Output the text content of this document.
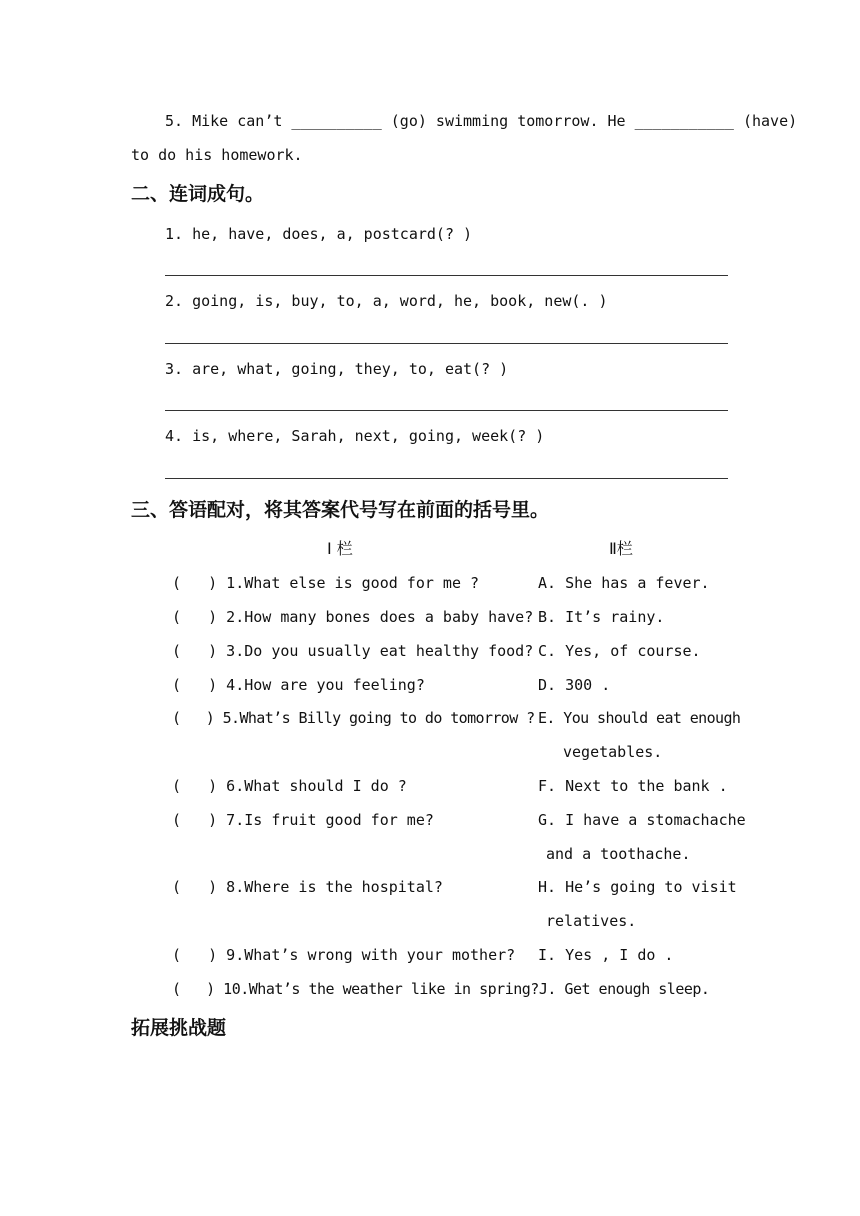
5. Mike can’t __________ (go) swimming tomorrow. He ___________ (have)
to do his homework.
二、连词成句。
1. he, have, does, a, postcard(? )
2. going, is, buy, to, a, word, he, book, new(. )
3. are, what, going, they, to, eat(? )
4. is, where, Sarah, next, going, week(? )
三、答语配对，将其答案代号写在前面的括号里。
Ⅰ 栏	Ⅱ栏
(   ) 1.What else is good for me ?
(   ) 2.How many bones does a baby have?
(   ) 3.Do you usually eat healthy food?
(   ) 4.How are you feeling?
(   ) 5.What’s Billy going to do tomorrow ?
(   ) 6.What should I do ?
(   ) 7.Is fruit good for me?
(   ) 8.Where is the hospital?
(   ) 9.What’s wrong with your mother?
(   ) 10.What’s the weather like in spring?J. Get enough sleep.
A. She has a fever.
B. It’s rainy.
C. Yes, of course.
D. 300 .
E. You should eat enough
vegetables.
F. Next to the bank .
G. I have a stomachache
and a toothache.
H. He’s going to visit
relatives.
I. Yes , I do .
拓展挑战题
